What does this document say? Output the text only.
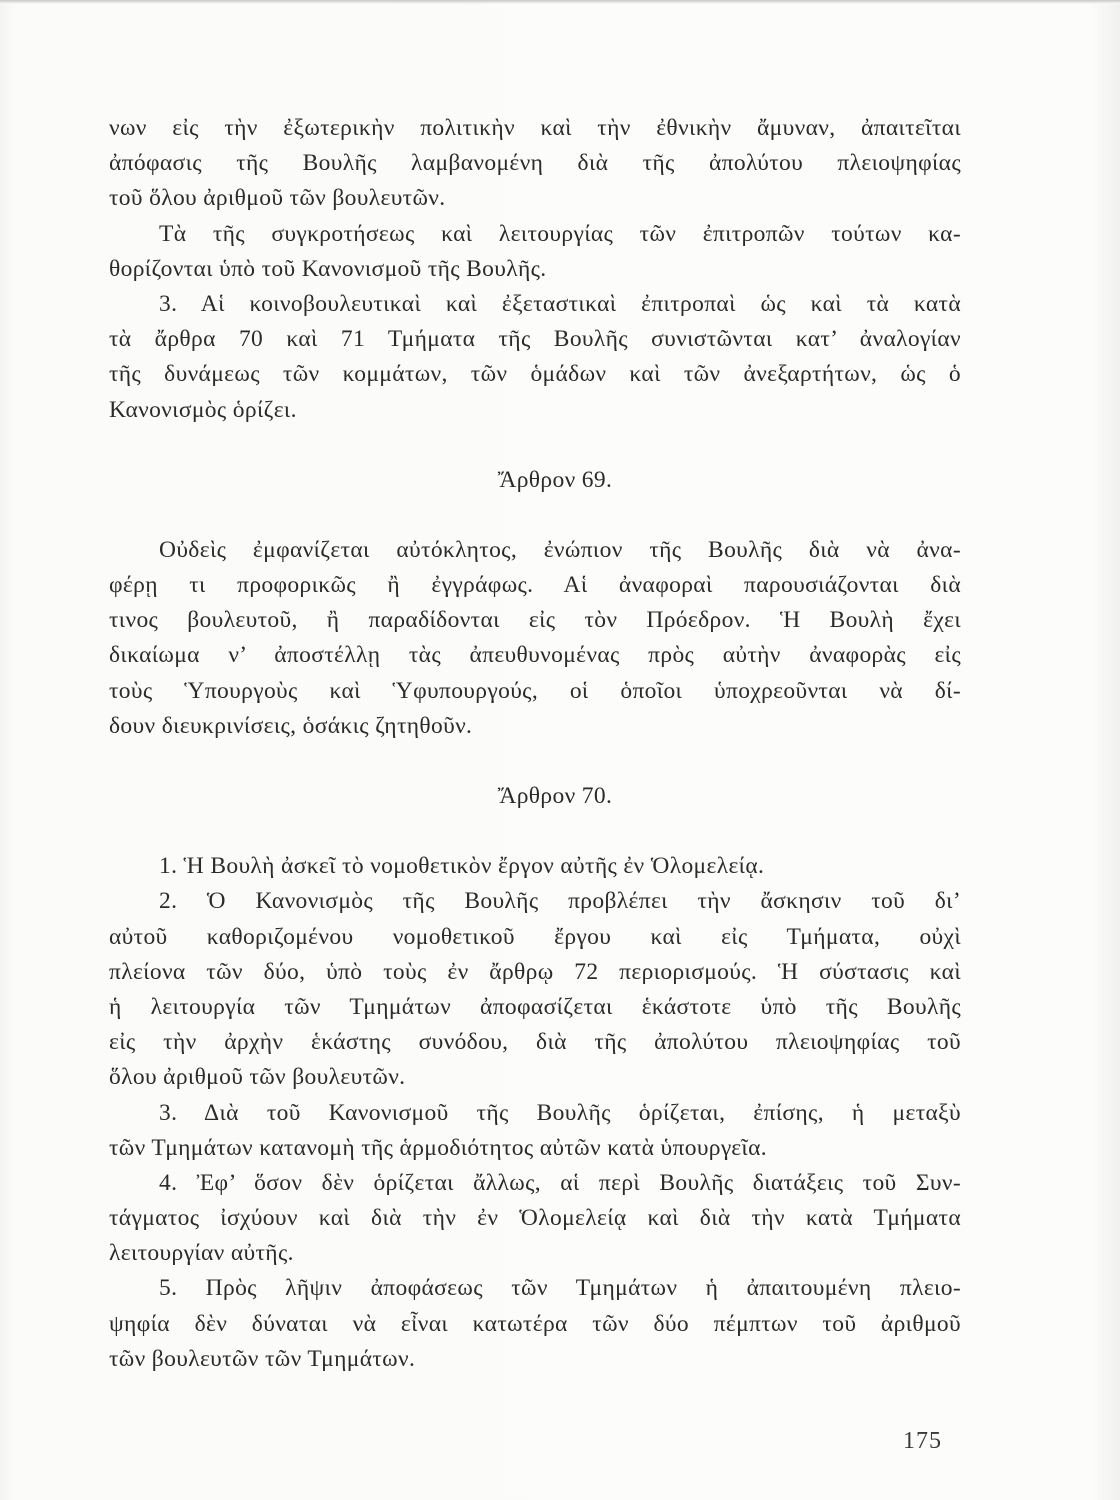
νων εἰς τὴν ἐξωτερικὴν πολιτικὴν καὶ τὴν ἐθνικὴν ἄμυναν, ἀπαιτεῖται
ἀπόφασις τῆς Βουλῆς λαμβανομένη διὰ τῆς ἀπολύτου πλειοψηφίας
τοῦ ὅλου ἀριθμοῦ τῶν βουλευτῶν.

Τὰ τῆς συγκροτήσεως καὶ λειτουργίας τῶν ἐπιτροπῶν τούτων κα-
θορίζονται ὑπὸ τοῦ Κανονισμοῦ τῆς Βουλῆς.

3. Αἱ κοινοβουλευτικαὶ καὶ ἐξεταστικαὶ ἐπιτροπαὶ ὡς καὶ τὰ κατὰ
τὰ ἄρθρα 70 καὶ 71 Τμήματα τῆς Βουλῆς συνιστῶνται κατ’ ἀναλογίαν
τῆς δυνάμεως τῶν κομμάτων, τῶν ὁμάδων καὶ τῶν ἀνεξαρτήτων, ὡς ὁ
Κανονισμὸς ὁρίζει.

Ἄρθρον 69.

Οὐδεὶς ἐμφανίζεται αὐτόκλητος, ἐνώπιον τῆς Βουλῆς διὰ νὰ ἀνα-
φέρῃ τι προφορικῶς ἢ ἐγγράφως. Αἱ ἀναφοραὶ παρουσιάζονται διὰ
τινος βουλευτοῦ, ἢ παραδίδονται εἰς τὸν Πρόεδρον. Ἡ Βουλὴ ἔχει
δικαίωμα ν’ ἀποστέλλῃ τὰς ἀπευθυνομένας πρὸς αὐτὴν ἀναφορὰς εἰς
τοὺς Ὑπουργοὺς καὶ Ὑφυπουργούς, οἱ ὁποῖοι ὑποχρεοῦνται νὰ δί-
δουν διευκρινίσεις, ὁσάκις ζητηθοῦν.

Ἄρθρον 70.

1. Ἡ Βουλὴ ἀσκεῖ τὸ νομοθετικὸν ἔργον αὐτῆς ἐν Ὁλομελείᾳ.

2. Ὁ Κανονισμὸς τῆς Βουλῆς προβλέπει τὴν ἄσκησιν τοῦ δι’
αὐτοῦ καθοριζομένου νομοθετικοῦ ἔργου καὶ εἰς Τμήματα, οὐχὶ
πλείονα τῶν δύο, ὑπὸ τοὺς ἐν ἄρθρῳ 72 περιορισμούς. Ἡ σύστασις καὶ
ἡ λειτουργία τῶν Τμημάτων ἀποφασίζεται ἑκάστοτε ὑπὸ τῆς Βουλῆς
εἰς τὴν ἀρχὴν ἑκάστης συνόδου, διὰ τῆς ἀπολύτου πλειοψηφίας τοῦ
ὅλου ἀριθμοῦ τῶν βουλευτῶν.

3. Διὰ τοῦ Κανονισμοῦ τῆς Βουλῆς ὁρίζεται, ἐπίσης, ἡ μεταξὺ
τῶν Τμημάτων κατανομὴ τῆς ἁρμοδιότητος αὐτῶν κατὰ ὑπουργεῖα.

4. Ἐφ’ ὅσον δὲν ὁρίζεται ἄλλως, αἱ περὶ Βουλῆς διατάξεις τοῦ Συν-
τάγματος ἰσχύουν καὶ διὰ τὴν ἐν Ὁλομελείᾳ καὶ διὰ τὴν κατὰ Τμήματα
λειτουργίαν αὐτῆς.

5. Πρὸς λῆψιν ἀποφάσεως τῶν Τμημάτων ἡ ἀπαιτουμένη πλειο-
ψηφία δὲν δύναται νὰ εἶναι κατωτέρα τῶν δύο πέμπτων τοῦ ἀριθμοῦ
τῶν βουλευτῶν τῶν Τμημάτων.

175
